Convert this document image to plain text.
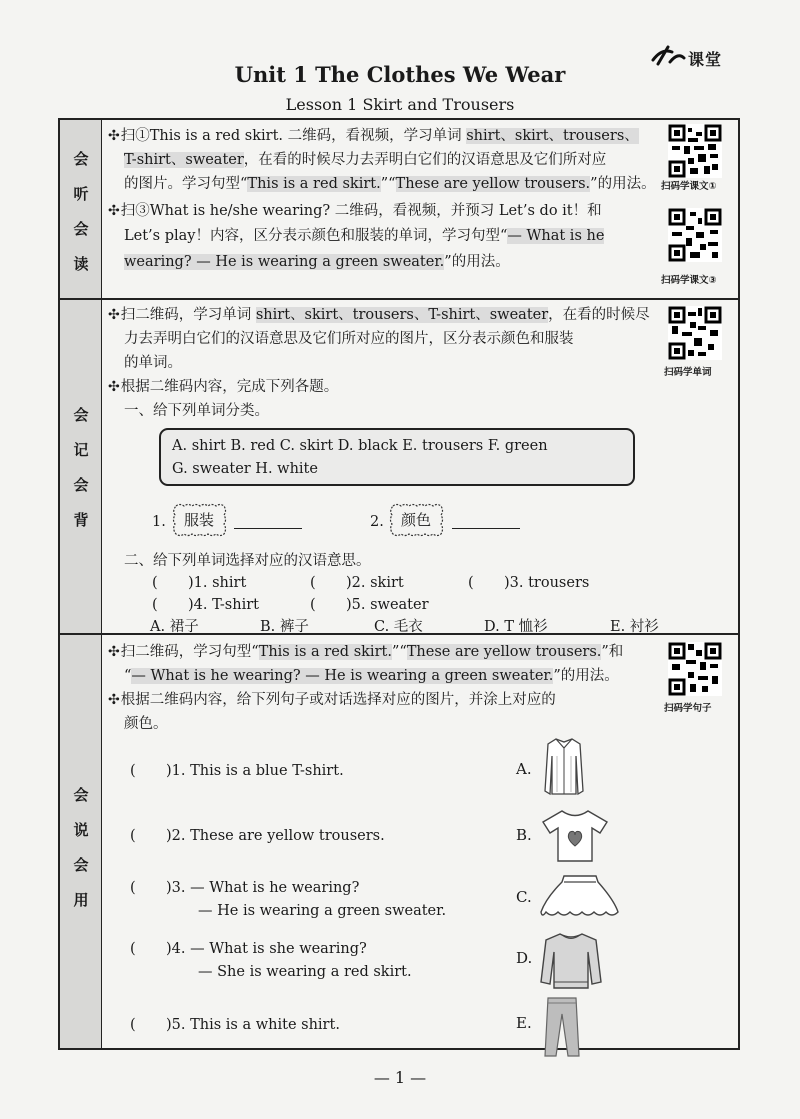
课堂
Unit 1 The Clothes We Wear
Lesson 1 Skirt and Trousers
会
听
会
读
✣扫①This is a red skirt. 二维码，看视频，学习单词 shirt、skirt、trousers、
T-shirt、sweater，在看的时候尽力去弄明白它们的汉语意思及它们所对应
的图片。学习句型“This is a red skirt.”“These are yellow trousers.”的用法。
✣扫③What is he/she wearing? 二维码，看视频，并预习 Let’s do it！和
Let’s play！内容，区分表示颜色和服装的单词，学习句型“— What is he
wearing? — He is wearing a green sweater.”的用法。
扫码学课文①
扫码学课文③
会
记
会
背
✣扫二维码，学习单词 shirt、skirt、trousers、T-shirt、sweater，在看的时候尽
力去弄明白它们的汉语意思及它们所对应的图片，区分表示颜色和服装
的单词。
✣根据二维码内容，完成下列各题。
一、给下列单词分类。
扫码学单词
A. shirt B. red C. skirt D. black E. trousers F. green
G. sweater H. white
1.	服装	2.	颜色
二、给下列单词选择对应的汉语意思。
( )1. shirt	( )2. skirt	( )3. trousers
( )4. T-shirt	( )5. sweater
A. 裙子	B. 裤子	C. 毛衣	D. T 恤衫	E. 衬衫
会
说
会
用
✣扫二维码，学习句型“This is a red skirt.”“These are yellow trousers.”和
“— What is he wearing? — He is wearing a green sweater.”的用法。
✣根据二维码内容，给下列句子或对话选择对应的图片，并涂上对应的
颜色。
扫码学句子
( )1. This is a blue T-shirt.
( )2. These are yellow trousers.
( )3. — What is he wearing?
— He is wearing a green sweater.
( )4. — What is she wearing?
— She is wearing a red skirt.
( )5. This is a white shirt.
A.
B.
C.
D.
E.
— 1 —
